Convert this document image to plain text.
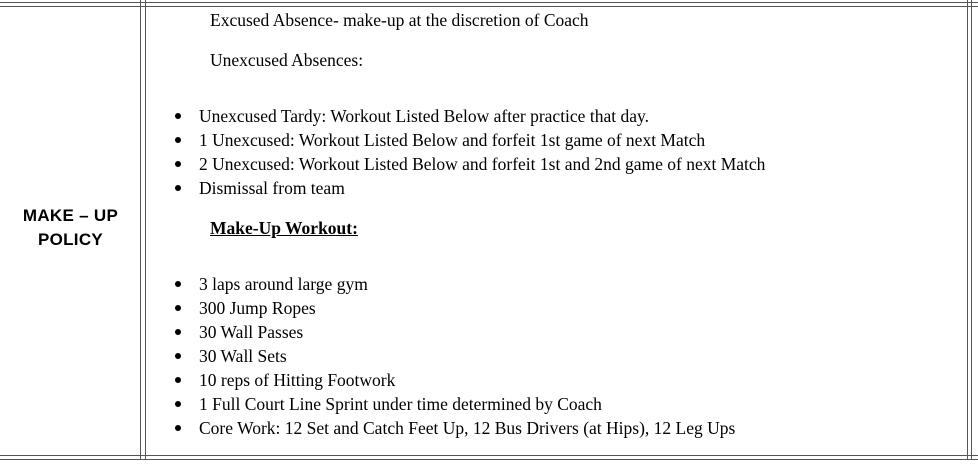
MAKE – UP POLICY
Excused Absence- make-up at the discretion of Coach
Unexcused Absences:
Unexcused Tardy: Workout Listed Below after practice that day.
1 Unexcused: Workout Listed Below and forfeit 1st game of next Match
2 Unexcused: Workout Listed Below and forfeit 1st and 2nd game of next Match
Dismissal from team
Make-Up Workout:
3 laps around large gym
300 Jump Ropes
30 Wall Passes
30 Wall Sets
10 reps of Hitting Footwork
1 Full Court Line Sprint under time determined by Coach
Core Work: 12 Set and Catch Feet Up, 12 Bus Drivers (at Hips), 12 Leg Ups
